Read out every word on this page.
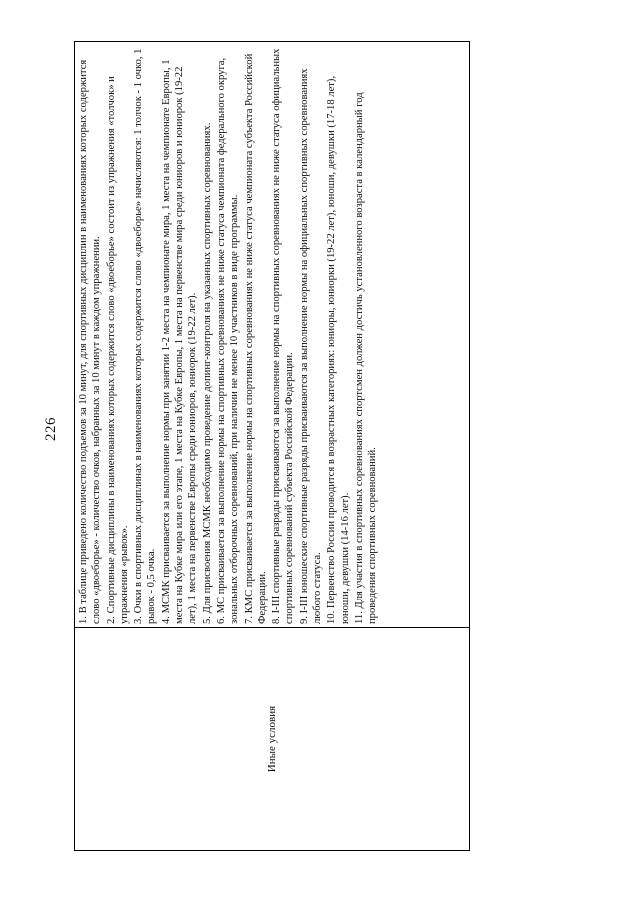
226
Иные условия	
1. В таблице приведено количество подъемов за 10 минут, для спортивных дисциплин в наименованиях которых содержится слово «двоеборье» - количество очков, набранных за 10 минут в каждом упражнении. 2. Спортивные дисциплины в наименованиях которых содержится слово «двоеборье» состоит из упражнения «толчок» и упражнения «рывок». 3. Очки в спортивных дисциплинах в наименованиях которых содержится слово «двоеборье» начисляются: 1 толчок - 1 очко, 1 рывок - 0,5 очка. 4. МСМК присваивается за выполнение нормы при занятии 1-2 места на чемпионате мира, 1 места на чемпионате Европы, 1 места на Кубке мира или его этапе, 1 места на Кубке Европы, 1 места на первенстве мира среди юниоров и юниорок (19-22 лет), 1 места на первенстве Европы среди юниоров, юниорок (19-22 лет). 5. Для присвоения МСМК необходимо проведение допинг-контроля на указанных спортивных соревнованиях. 6. МС присваивается за выполнение нормы на спортивных соревнованиях не ниже статуса чемпионата федерального округа, зональных отборочных соревнований, при наличии не менее 10 участников в виде программы. 7. КМС присваивается за выполнение нормы на спортивных соревнованиях не ниже статуса чемпионата субъекта Российской Федерации. 8. I-III спортивные разряды присваиваются за выполнение нормы на спортивных соревнованиях не ниже статуса официальных спортивных соревнований субъекта Российской Федерации. 9. I-III юношеские спортивные разряды присваиваются за выполнение нормы на официальных спортивных соревнованиях любого статуса. 10. Первенство России проводится в возрастных категориях: юниоры, юниорки (19-22 лет), юноши, девушки (17-18 лет), юноши, девушки (14-16 лет). 11. Для участия в спортивных соревнованиях спортсмен должен достичь установленного возраста в календарный год проведения спортивных соревнований.
